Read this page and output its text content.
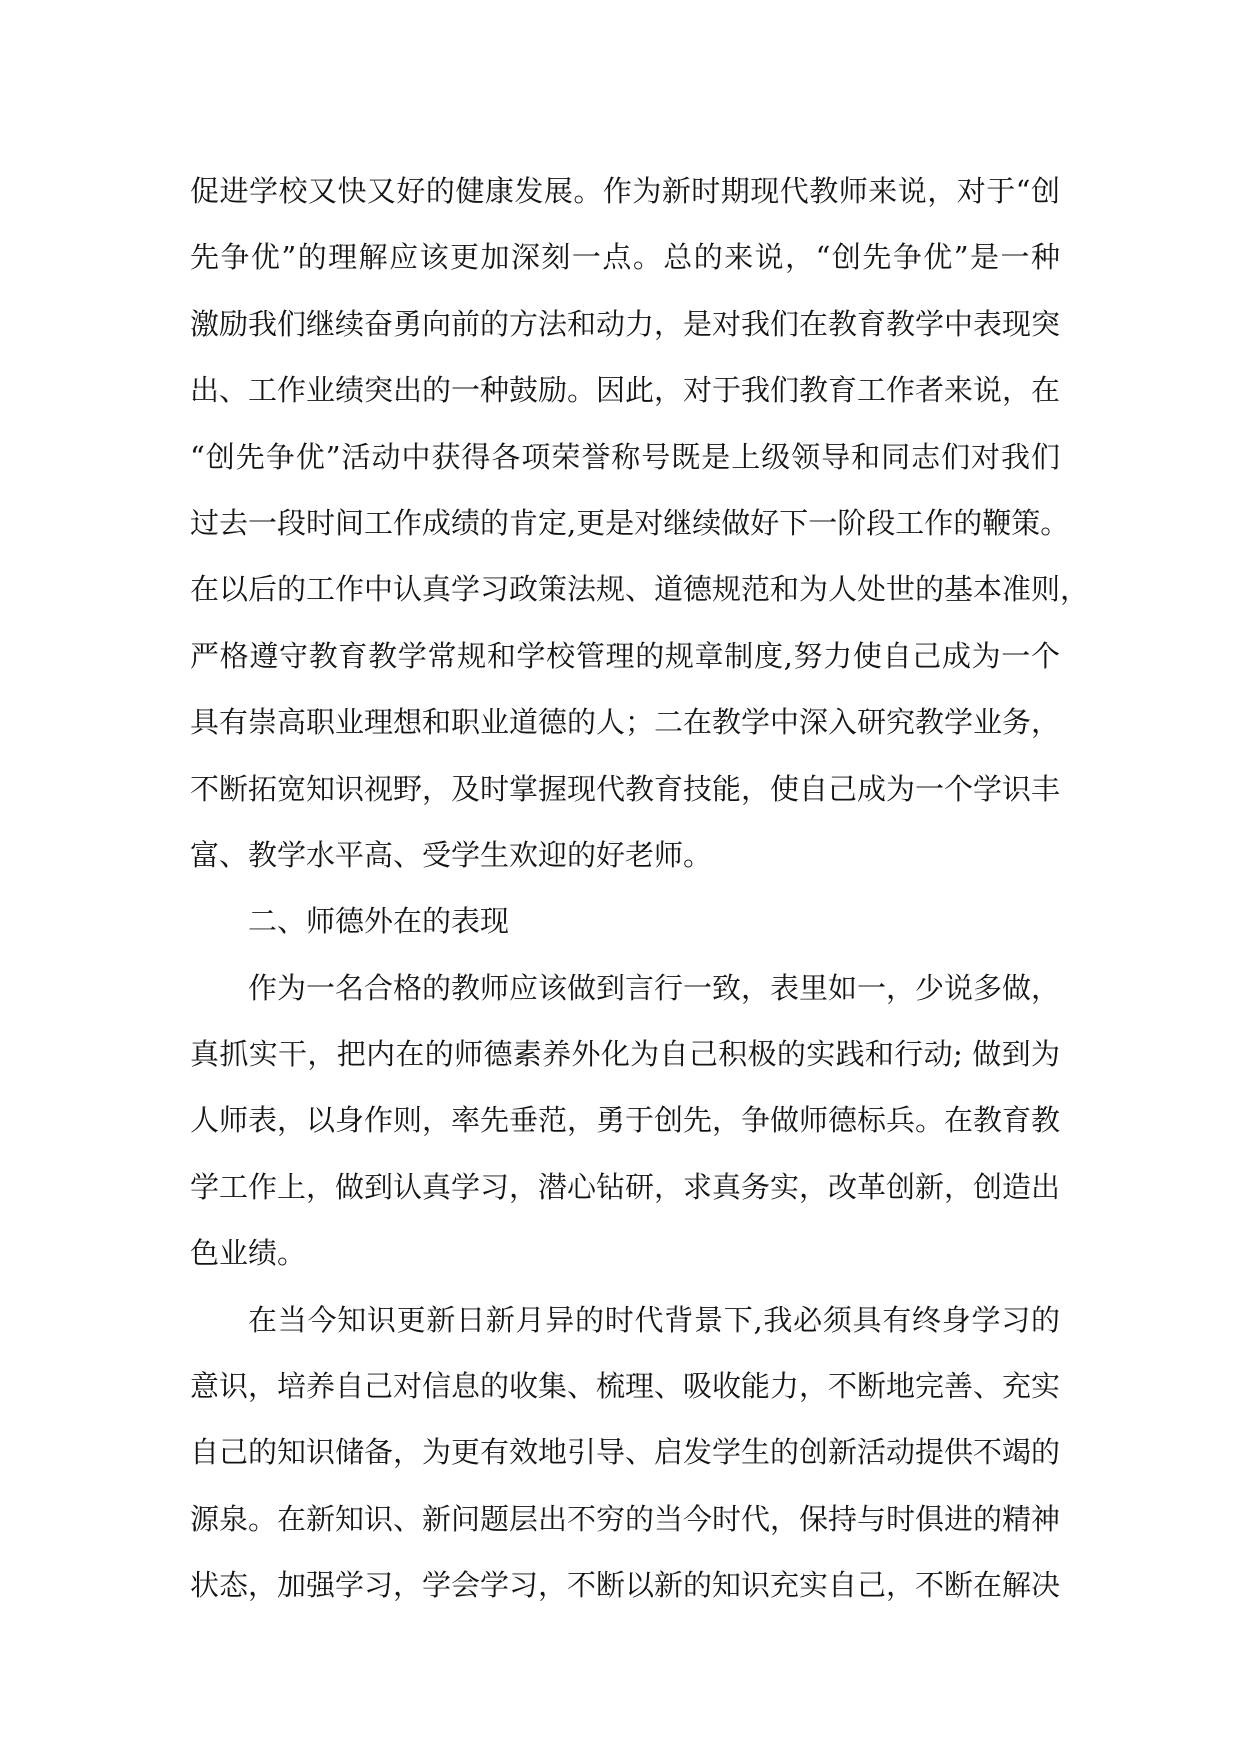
促进学校又快又好的健康发展。作为新时期现代教师来说，对于“创
先争优”的理解应该更加深刻一点。总的来说，“创先争优”是一种
激励我们继续奋勇向前的方法和动力，是对我们在教育教学中表现突
出、工作业绩突出的一种鼓励。因此，对于我们教育工作者来说，在
“创先争优”活动中获得各项荣誉称号既是上级领导和同志们对我们
过去一段时间工作成绩的肯定,更是对继续做好下一阶段工作的鞭策。
在以后的工作中认真学习政策法规、道德规范和为人处世的基本准则，
严格遵守教育教学常规和学校管理的规章制度,努力使自己成为一个
具有崇高职业理想和职业道德的人；二在教学中深入研究教学业务，
不断拓宽知识视野，及时掌握现代教育技能，使自己成为一个学识丰
富、教学水平高、受学生欢迎的好老师。
二、师德外在的表现
作为一名合格的教师应该做到言行一致，表里如一，少说多做，
真抓实干，把内在的师德素养外化为自己积极的实践和行动; 做到为
人师表，以身作则，率先垂范，勇于创先，争做师德标兵。在教育教
学工作上，做到认真学习，潜心钻研，求真务实，改革创新，创造出
色业绩。
在当今知识更新日新月异的时代背景下,我必须具有终身学习的
意识，培养自己对信息的收集、梳理、吸收能力，不断地完善、充实
自己的知识储备，为更有效地引导、启发学生的创新活动提供不竭的
源泉。在新知识、新问题层出不穷的当今时代，保持与时俱进的精神
状态，加强学习，学会学习，不断以新的知识充实自己，不断在解决
